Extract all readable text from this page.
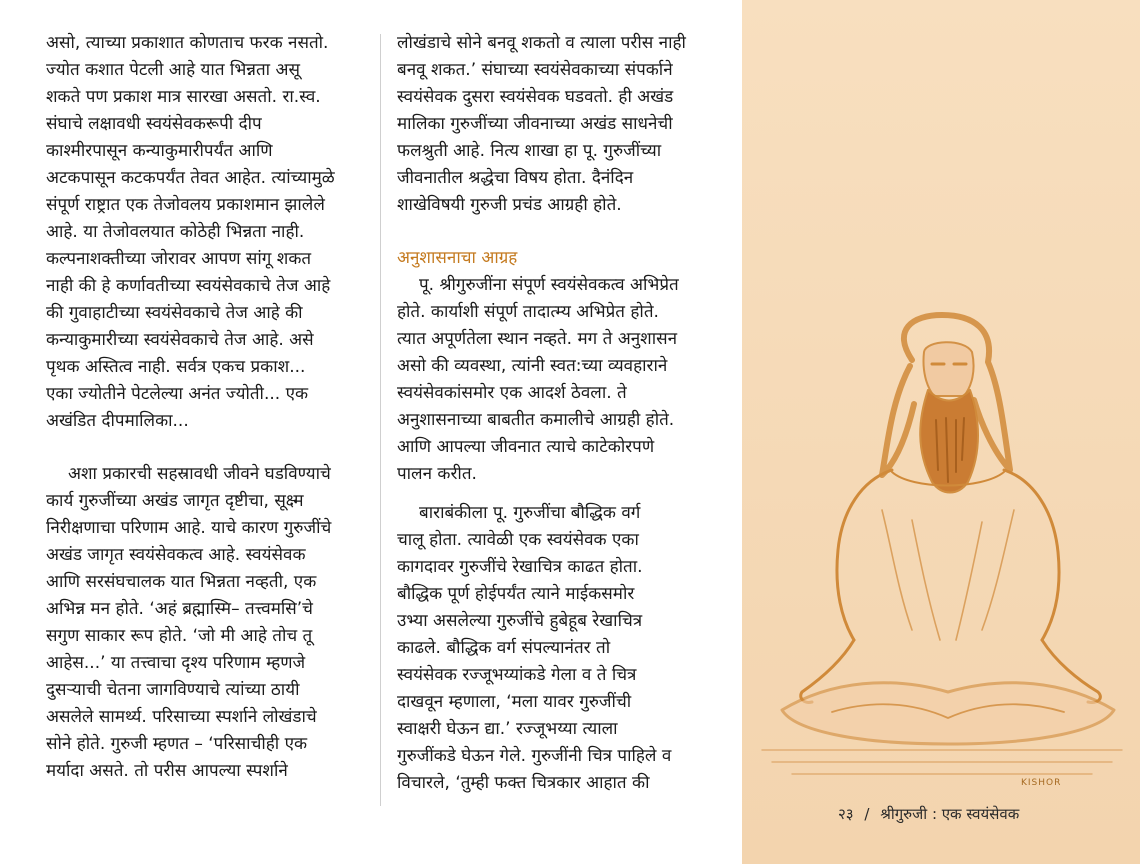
असो, त्याच्या प्रकाशात कोणताच फरक नसतो.

ज्योत कशात पेटली आहे यात भिन्नता असू

शकते पण प्रकाश मात्र सारखा असतो. रा.स्व.

संघाचे लक्षावधी स्वयंसेवकरूपी दीप

काश्मीरपासून कन्याकुमारीपर्यंत आणि

अटकपासून कटकपर्यंत तेवत आहेत. त्यांच्यामुळे

संपूर्ण राष्ट्रात एक तेजोवलय प्रकाशमान झालेले

आहे. या तेजोवलयात कोठेही भिन्नता नाही.

कल्पनाशक्तीच्या जोरावर आपण सांगू शकत

नाही की हे कर्णावतीच्या स्वयंसेवकाचे तेज आहे

की गुवाहाटीच्या स्वयंसेवकाचे तेज आहे की

कन्याकुमारीच्या स्वयंसेवकाचे तेज आहे. असे

पृथक अस्तित्व नाही. सर्वत्र एकच प्रकाश...

एका ज्योतीने पेटलेल्या अनंत ज्योती... एक

अखंडित दीपमालिका...

अशा प्रकारची सहस्रावधी जीवने घडविण्याचे

कार्य गुरुजींच्या अखंड जागृत दृष्टीचा, सूक्ष्म

निरीक्षणाचा परिणाम आहे. याचे कारण गुरुजींचे

अखंड जागृत स्वयंसेवकत्व आहे. स्वयंसेवक

आणि सरसंघचालक यात भिन्नता नव्हती, एक

अभिन्न मन होते. ‘अहं ब्रह्मास्मि– तत्त्वमसि’चे

सगुण साकार रूप होते. ‘जो मी आहे तोच तू

आहेस...’ या तत्त्वाचा दृश्य परिणाम म्हणजे

दुसऱ्याची चेतना जागविण्याचे त्यांच्या ठायी

असलेले सामर्थ्य. परिसाच्या स्पर्शाने लोखंडाचे

सोने होते. गुरुजी म्हणत – ‘परिसाचीही एक

मर्यादा असते. तो परीस आपल्या स्पर्शाने

लोखंडाचे सोने बनवू शकतो व त्याला परीस नाही

बनवू शकत.’ संघाच्या स्वयंसेवकाच्या संपर्काने

स्वयंसेवक दुसरा स्वयंसेवक घडवतो. ही अखंड

मालिका गुरुजींच्या जीवनाच्या अखंड साधनेची

फलश्रुती आहे. नित्य शाखा हा पू. गुरुजींच्या

जीवनातील श्रद्धेचा विषय होता. दैनंदिन

शाखेविषयी गुरुजी प्रचंड आग्रही होते.

अनुशासनाचा आग्रह

पू. श्रीगुरुजींना संपूर्ण स्वयंसेवकत्व अभिप्रेत

होते. कार्याशी संपूर्ण तादात्म्य अभिप्रेत होते.

त्यात अपूर्णतेला स्थान नव्हते. मग ते अनुशासन

असो की व्यवस्था, त्यांनी स्वत:च्या व्यवहाराने

स्वयंसेवकांसमोर एक आदर्श ठेवला. ते

अनुशासनाच्या बाबतीत कमालीचे आग्रही होते.

आणि आपल्या जीवनात त्याचे काटेकोरपणे

पालन करीत.

बाराबंकीला पू. गुरुजींचा बौद्धिक वर्ग

चालू होता. त्यावेळी एक स्वयंसेवक एका

कागदावर गुरुजींचे रेखाचित्र काढत होता.

बौद्धिक पूर्ण होईपर्यंत त्याने माईकसमोर

उभ्या असलेल्या गुरुजींचे हुबेहूब रेखाचित्र

काढले. बौद्धिक वर्ग संपल्यानंतर तो

स्वयंसेवक रज्जूभय्यांकडे गेला व ते चित्र

दाखवून म्हणाला, ‘मला यावर गुरुजींची

स्वाक्षरी घेऊन द्या.’ रज्जूभय्या त्याला

गुरुजींकडे घेऊन गेले. गुरुजींनी चित्र पाहिले व

विचारले, ‘तुम्ही फक्त चित्रकार आहात की	KISHOR
२३ / श्रीगुरुजी : एक स्वयंसेवक
